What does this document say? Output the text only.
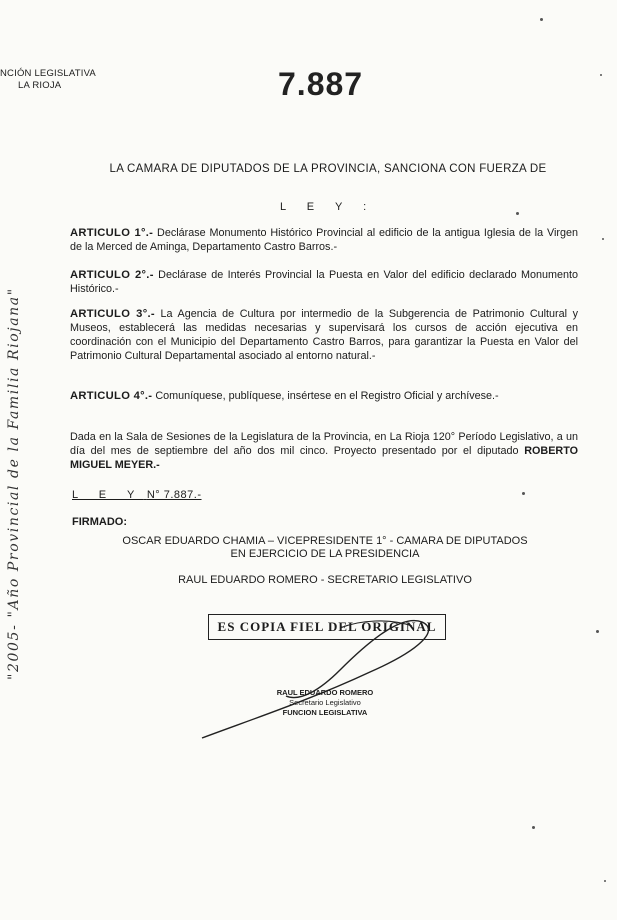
NCIÓN LEGISLATIVA
LA RIOJA	7.887
"2005- "Año Provincial de la Familia Riojana"
LA CAMARA DE DIPUTADOS DE LA PROVINCIA, SANCIONA CON FUERZA DE
L E Y :
ARTICULO 1°.- Declárase Monumento Histórico Provincial al edificio de la antigua Iglesia de la Virgen de la Merced de Aminga, Departamento Castro Barros.-
ARTICULO 2°.- Declárase de Interés Provincial la Puesta en Valor del edificio declarado Monumento Histórico.-
ARTICULO 3°.- La Agencia de Cultura por intermedio de la Subgerencia de Patrimonio Cultural y Museos, establecerá las medidas necesarias y supervisará los cursos de acción ejecutiva en coordinación con el Municipio del Departamento Castro Barros, para garantizar la Puesta en Valor del Patrimonio Cultural Departamental asociado al entorno natural.-
ARTICULO 4°.- Comuníquese, publíquese, insértese en el Registro Oficial y archívese.-
Dada en la Sala de Sesiones de la Legislatura de la Provincia, en La Rioja 120° Período Legislativo, a un día del mes de septiembre del año dos mil cinco. Proyecto presentado por el diputado ROBERTO MIGUEL MEYER.-
L E Y N° 7.887.-
FIRMADO:
OSCAR EDUARDO CHAMIA – VICEPRESIDENTE 1° - CAMARA DE DIPUTADOS
EN EJERCICIO DE LA PRESIDENCIA
RAUL EDUARDO ROMERO - SECRETARIO LEGISLATIVO
ES COPIA FIEL DEL ORIGINAL
RAUL EDUARDO ROMERO
Secretario Legislativo
FUNCION LEGISLATIVA
